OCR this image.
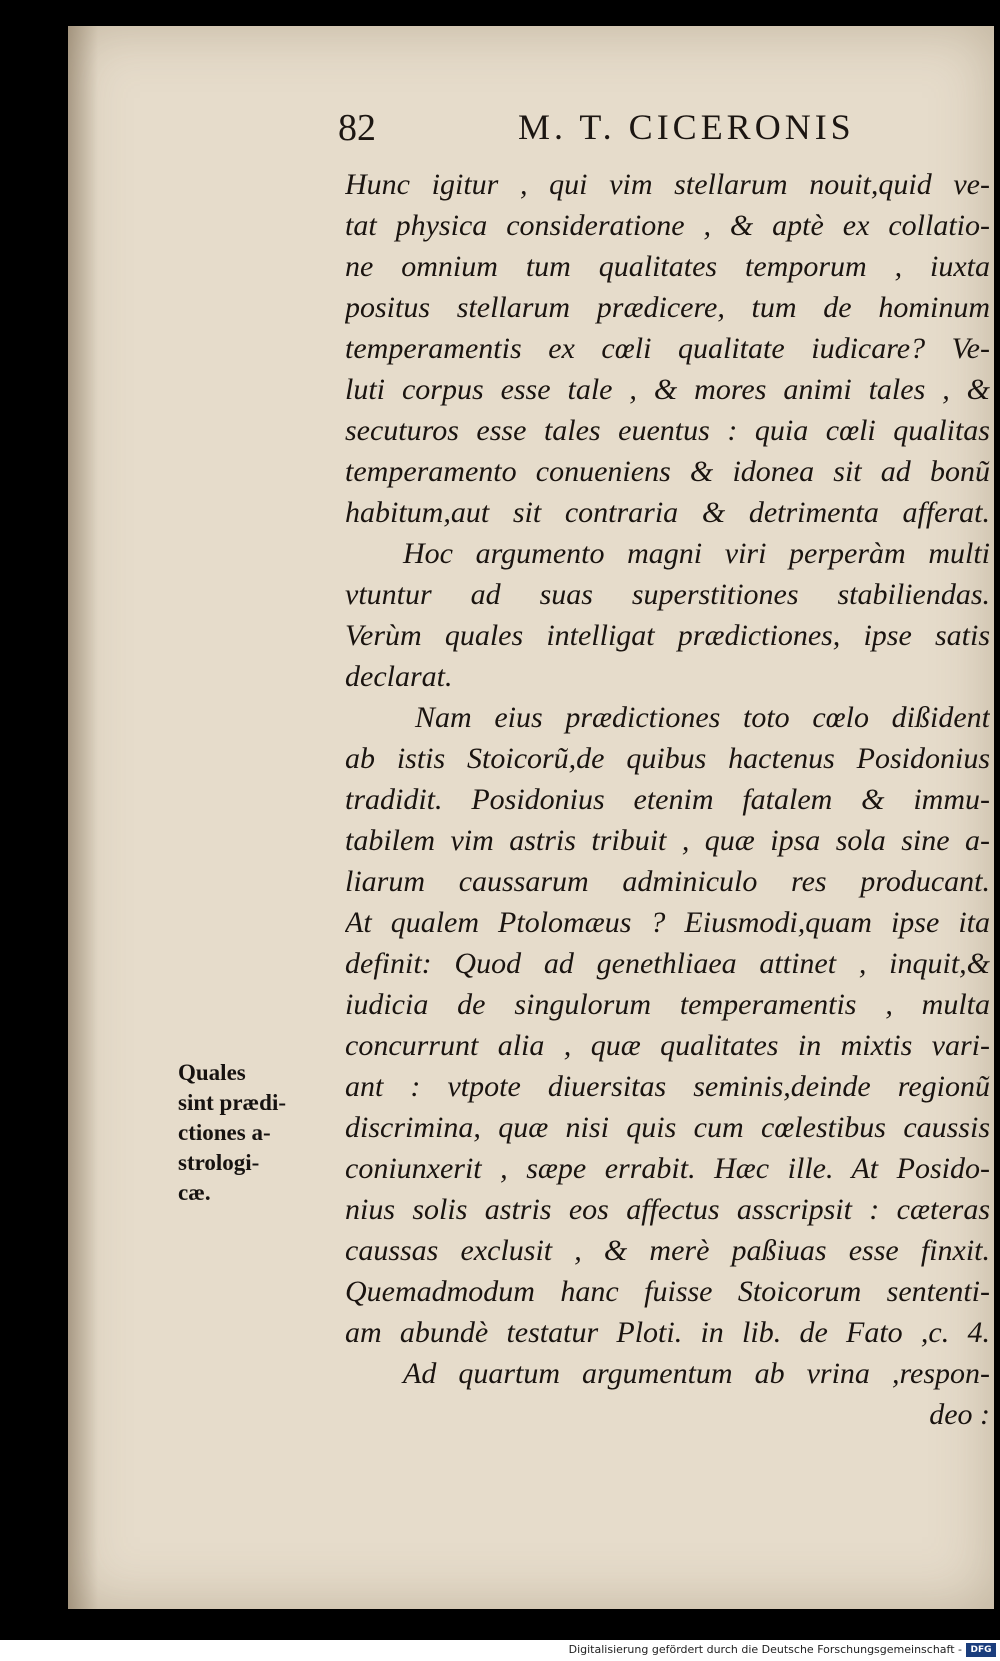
82	M. T. CICERONIS
Hunc igitur , qui vim stellarum nouit,quid ve-
tat physica consideratione , & aptè ex collatio-
ne omnium tum qualitates temporum , iuxta
positus stellarum prædicere, tum de hominum
temperamentis ex cœli qualitate iudicare? Ve-
luti corpus esse tale , & mores animi tales , &
secuturos esse tales euentus : quia cœli qualitas
temperamento conueniens & idonea sit ad bonũ
habitum,aut sit contraria & detrimenta afferat.
Hoc argumento magni viri perperàm multi
vtuntur ad suas superstitiones stabiliendas.
Verùm quales intelligat prædictiones, ipse satis
declarat.
Nam eius prædictiones toto cœlo dißident
ab istis Stoicorũ,de quibus hactenus Posidonius
tradidit. Posidonius etenim fatalem & immu-
tabilem vim astris tribuit , quæ ipsa sola sine a-
liarum caussarum adminiculo res producant.
At qualem Ptolomæus ? Eiusmodi,quam ipse ita
definit: Quod ad genethliaea attinet , inquit,&
iudicia de singulorum temperamentis , multa
concurrunt alia , quæ qualitates in mixtis vari-
ant : vtpote diuersitas seminis,deinde regionũ
discrimina, quæ nisi quis cum cœlestibus caussis
coniunxerit , sæpe errabit. Hæc ille. At Posido-
nius solis astris eos affectus asscripsit : cæteras
caussas exclusit , & merè paßiuas esse finxit.
Quemadmodum hanc fuisse Stoicorum sententi-
am abundè testatur Ploti. in lib. de Fato ,c. 4.
Ad quartum argumentum ab vrina ,respon-
deo :
Quales
sint prædi-
ctiones a-
strologi-
cæ.
Digitalisierung gefördert durch die Deutsche Forschungsgemeinschaft - DFG
